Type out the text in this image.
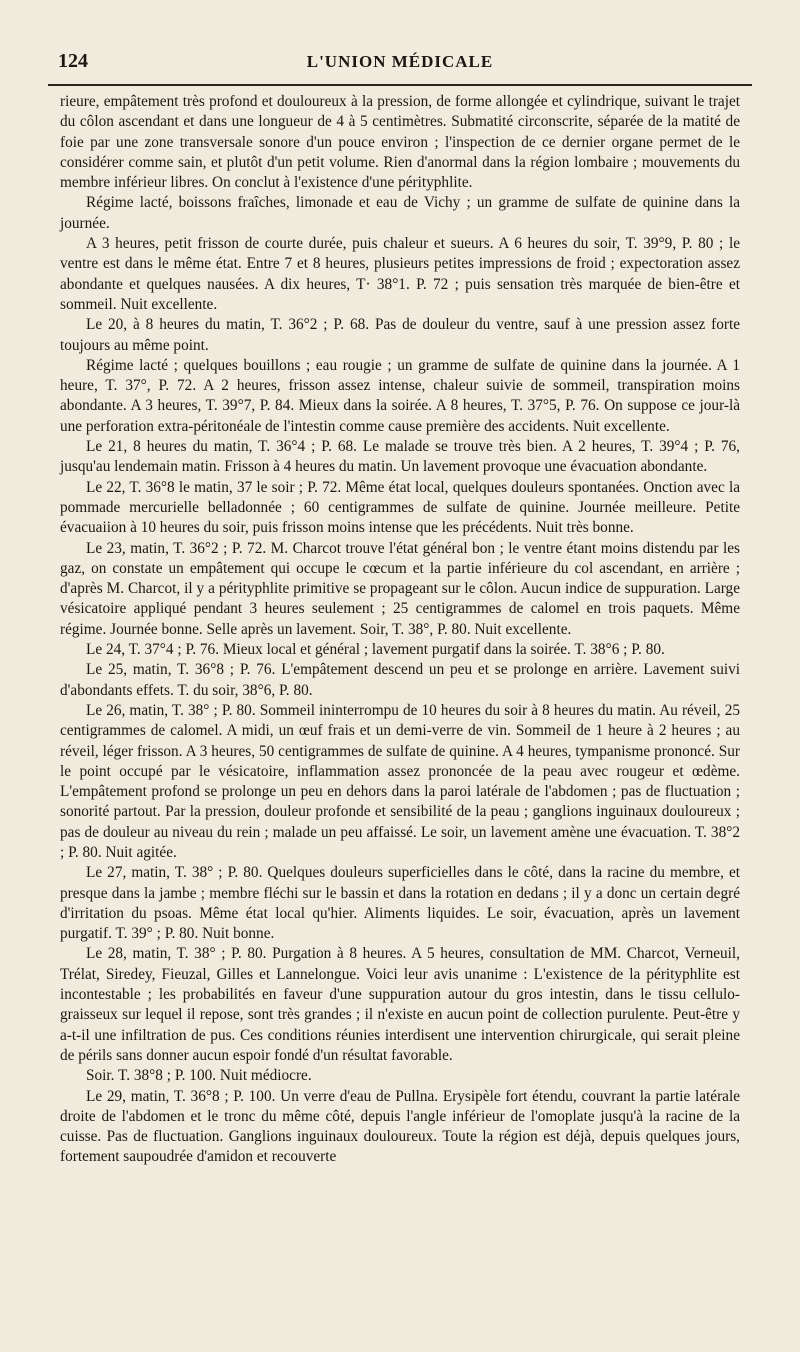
124	L'UNION MÉDICALE

rieure, empâtement très profond et douloureux à la pression, de forme allongée et cylindrique, suivant le trajet du côlon ascendant et dans une longueur de 4 à 5 centimètres. Submatité circonscrite, séparée de la matité de foie par une zone transversale sonore d'un pouce environ ; l'inspection de ce dernier organe permet de le considérer comme sain, et plutôt d'un petit volume. Rien d'anormal dans la région lombaire ; mouvements du membre inférieur libres. On conclut à l'existence d'une pérityphlite.

Régime lacté, boissons fraîches, limonade et eau de Vichy ; un gramme de sulfate de quinine dans la journée.

A 3 heures, petit frisson de courte durée, puis chaleur et sueurs. A 6 heures du soir, T. 39°9, P. 80 ; le ventre est dans le même état. Entre 7 et 8 heures, plusieurs petites impressions de froid ; expectoration assez abondante et quelques nausées. A dix heures, T· 38°1. P. 72 ; puis sensation très marquée de bien-être et sommeil. Nuit excellente.

Le 20, à 8 heures du matin, T. 36°2 ; P. 68. Pas de douleur du ventre, sauf à une pression assez forte toujours au même point.

Régime lacté ; quelques bouillons ; eau rougie ; un gramme de sulfate de quinine dans la journée. A 1 heure, T. 37°, P. 72. A 2 heures, frisson assez intense, chaleur suivie de sommeil, transpiration moins abondante. A 3 heures, T. 39°7, P. 84. Mieux dans la soirée. A 8 heures, T. 37°5, P. 76. On suppose ce jour-là une perforation extra-péritonéale de l'intestin comme cause première des accidents. Nuit excellente.

Le 21, 8 heures du matin, T. 36°4 ; P. 68. Le malade se trouve très bien. A 2 heures, T. 39°4 ; P. 76, jusqu'au lendemain matin. Frisson à 4 heures du matin. Un lavement provoque une évacuation abondante.

Le 22, T. 36°8 le matin, 37 le soir ; P. 72. Même état local, quelques douleurs spontanées. Onction avec la pommade mercurielle belladonnée ; 60 centigrammes de sulfate de quinine. Journée meilleure. Petite évacuaiion à 10 heures du soir, puis frisson moins intense que les précédents. Nuit très bonne.

Le 23, matin, T. 36°2 ; P. 72. M. Charcot trouve l'état général bon ; le ventre étant moins distendu par les gaz, on constate un empâtement qui occupe le cœcum et la partie inférieure du col ascendant, en arrière ; d'après M. Charcot, il y a pérityphlite primitive se propageant sur le côlon. Aucun indice de suppuration. Large vésicatoire appliqué pendant 3 heures seulement ; 25 centigrammes de calomel en trois paquets. Même régime. Journée bonne. Selle après un lavement. Soir, T. 38°, P. 80. Nuit excellente.

Le 24, T. 37°4 ; P. 76. Mieux local et général ; lavement purgatif dans la soirée. T. 38°6 ; P. 80.

Le 25, matin, T. 36°8 ; P. 76. L'empâtement descend un peu et se prolonge en arrière. Lavement suivi d'abondants effets. T. du soir, 38°6, P. 80.

Le 26, matin, T. 38° ; P. 80. Sommeil ininterrompu de 10 heures du soir à 8 heures du matin. Au réveil, 25 centigrammes de calomel. A midi, un œuf frais et un demi-verre de vin. Sommeil de 1 heure à 2 heures ; au réveil, léger frisson. A 3 heures, 50 centigrammes de sulfate de quinine. A 4 heures, tympanisme prononcé. Sur le point occupé par le vésicatoire, inflammation assez prononcée de la peau avec rougeur et œdème. L'empâtement profond se prolonge un peu en dehors dans la paroi latérale de l'abdomen ; pas de fluctuation ; sonorité partout. Par la pression, douleur profonde et sensibilité de la peau ; ganglions inguinaux douloureux ; pas de douleur au niveau du rein ; malade un peu affaissé. Le soir, un lavement amène une évacuation. T. 38°2 ; P. 80. Nuit agitée.

Le 27, matin, T. 38° ; P. 80. Quelques douleurs superficielles dans le côté, dans la racine du membre, et presque dans la jambe ; membre fléchi sur le bassin et dans la rotation en dedans ; il y a donc un certain degré d'irritation du psoas. Même état local qu'hier. Aliments liquides. Le soir, évacuation, après un lavement purgatif. T. 39° ; P. 80. Nuit bonne.

Le 28, matin, T. 38° ; P. 80. Purgation à 8 heures. A 5 heures, consultation de MM. Charcot, Verneuil, Trélat, Siredey, Fieuzal, Gilles et Lannelongue. Voici leur avis unanime : L'existence de la pérityphlite est incontestable ; les probabilités en faveur d'une suppuration autour du gros intestin, dans le tissu cellulo-graisseux sur lequel il repose, sont très grandes ; il n'existe en aucun point de collection purulente. Peut-être y a-t-il une infiltration de pus. Ces conditions réunies interdisent une intervention chirurgicale, qui serait pleine de périls sans donner aucun espoir fondé d'un résultat favorable.

Soir. T. 38°8 ; P. 100. Nuit médiocre.

Le 29, matin, T. 36°8 ; P. 100. Un verre d'eau de Pullna. Erysipèle fort étendu, couvrant la partie latérale droite de l'abdomen et le tronc du même côté, depuis l'angle inférieur de l'omoplate jusqu'à la racine de la cuisse. Pas de fluctuation. Ganglions inguinaux douloureux. Toute la région est déjà, depuis quelques jours, fortement saupoudrée d'amidon et recouverte
